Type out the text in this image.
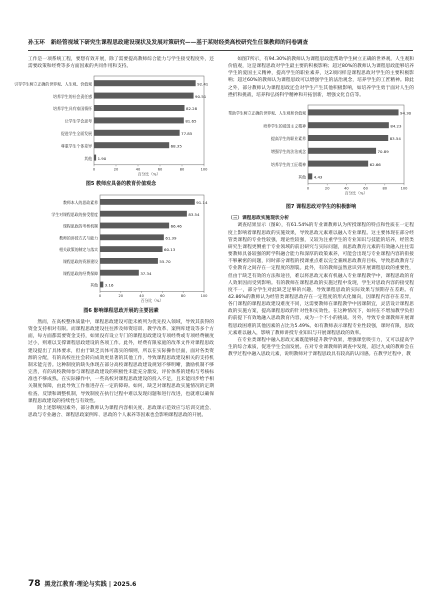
孙玉环 新经管视域下研究生课程思政建设现状及发展对策研究——基于某财经类高校研究生任课教师的问卷调查

工作是一项系统工程，要想有效开展，除了需要提高教师综合能力与学生接受程度外，还需要政策和经费等多方面因素的共同作用和支持。

引导学生树立正确的世界观、人生观、价值观	92.41
培养学生的社会责任感	90.51
培养学生具有家国情怀	82.28
让学生学会思考	81.65
促进学生全面发展	77.85
尊重学生个体差异	68.35
其他 1.90
0	20	40	60	80	100
百分比（%）
图5 教师应具备的教育价值观念
教师本人的思政素养	91.14
学生对课程思政的接受程度	83.54
课程思政的考核机制	66.46
教师的讲授方式与能力	61.39
相关政策的制定与落实	60.13
课程思政的资源建设	55.70
课程思政的经费保障	37.34
其他 3.16
0	20	40	60	80	100
百分比（%）
图6 影响课程思政开展的主要因素

然而，在高校整体质量中，课程思政建设可能未被列为优先投入领域，导致其获得的资金支持相对有限。而课程思政建设往往涉及师资培训、教学改革、案例库建设等多个方面，每方面都需要资金支持，如果没有设立专门的课程思政建设专项经费或专项经费额度过小，则难以支撑课程思政建设的各项工作。此外，经费有限家庭的改革文件对课程思政建设提出了具体要求，但由于缺乏具体可落实的细则，所以在实际操作层面，面对各类资源的分配，有的高校往往会转向成效更显著的其他工作，导致课程思政建设相关的支持机制未能完善。这种制度的缺失体现在部分高校课程思政建设规划不够明晰，激励机制不够完善，有的高校教师参与课程思政建设的积极性未能充分激发，评价体系的建构与考核标准也不够成熟。在实际操作中，一些高校对课程思政建设的投入不足，且未能同步给予相关制度保障，由此导致工作推进存在一定的障碍。如何，缺乏对课程思政实施情况的定期检查、反馈和调整机制，导致制度在执行过程中难以发现问题和进行改进，也就难以确保课程思政建设的持续性与有效性。

除上述影响因素外，部分教师认为课程内容相关度、思政课示范效应与培训交流会、思政与专业融合、课程思政案例库、思政的个人素养等因素也会影响课程思政的开展。

如图7所示，有94.30%的教师认为课程思政能帮助学生树立正确的世界观、人生观和价值观，这是课程思政对学生最主要的积极影响；超过80%的教师认为课程思政能够培养学生的爱国主义精神，提高学生的职业素养，这2项同样是课程思政对学生的主要积极影响；超过60%的教师认为课程思政可以增强学生的法治观念，培养学生的工匠精神。除此之外，部分教师认为课程思政还会对学生产生其他积极影响，如培养学生勇于面对人生的挫折和挑战，培养和弘扬科学精神和开拓创新，增强文化自信等。

帮助学生树立正确的世界观、人生观和价值观	94.30
培养学生的爱国主义精神	84.23
提高学生的职业素养	83.54
增强学生的法治观念	70.89
培养学生的工匠精神	62.66
其他 4.43
0	20	40	60	80	100
百分比（%）
图7 课程思政对学生的积极影响

（三）课程思政实施现状分析

调查结果显示（图8），有61.54%的专业课教师认为所授课程的特点和性质在一定程度上影响着课程思政的实施效果，导致思政元素难以融入专业课程。这主要体现在部分经管类课程的专业性较强，理论性较强，又较为注重学生的专业知识与技能的培养，经管类研究生课程更侧重于专业领域的前沿研究与实际问题，而思政教育元素的有效融入往往需要教师具备较强的跨学科融合能力和深厚的政策素养，可能会出现与专业课程内容的衔接不够紧密的问题，同时部分课程的授课重点难以完全兼顾思政教育目标，导致思政教育与专业教育之间存在一定程度的割裂。此外，有的教师虽然意识到开展课程思政的重要性，但由于缺乏有效的方法和途径，难以将思政元素有机融入专业课程教学中，课程思政的育人效果因而受到影响。有的教师在课程思政的实施过程中发现，学生对思政内容的接受程度不一，部分学生对此缺乏足够的兴趣，导致课程思政的实际效果与预期存在差距。有42.86%的教师认为经管类课程思政存在一定程度的形式化倾向，因课程内容存在差异，各门课程的课程思政建设难度不同，这需要教师在课程教学中因课制宜，灵活设计课程思政的实施方案，提高课程思政的针对性和实效性。在这种情况下，如何在不增加教学负担的前提下有效地融入思政教育内容，成为一个不小的挑战。另外，导致专业课教师开展课程思政困难的其他因素的占比为5.49%。如有教师表示课程专业性较强，课时有限，思政元素难以融入，影响了教师讲授专业知识与开展课程思政的效率。

在专业类课程中融入思政元素既能够提升教学效果，增强课堂吸引力，又可以提高学生的综合素质，促进学生全面发展。在对专业课教师的调查中发现，超过九成的教师会在教学过程中融入思政元素，说明教师对于课程思政具有较高的认同感。在教学过程中，教

78 黑龙江教育·理论与实践 | 2025.6
